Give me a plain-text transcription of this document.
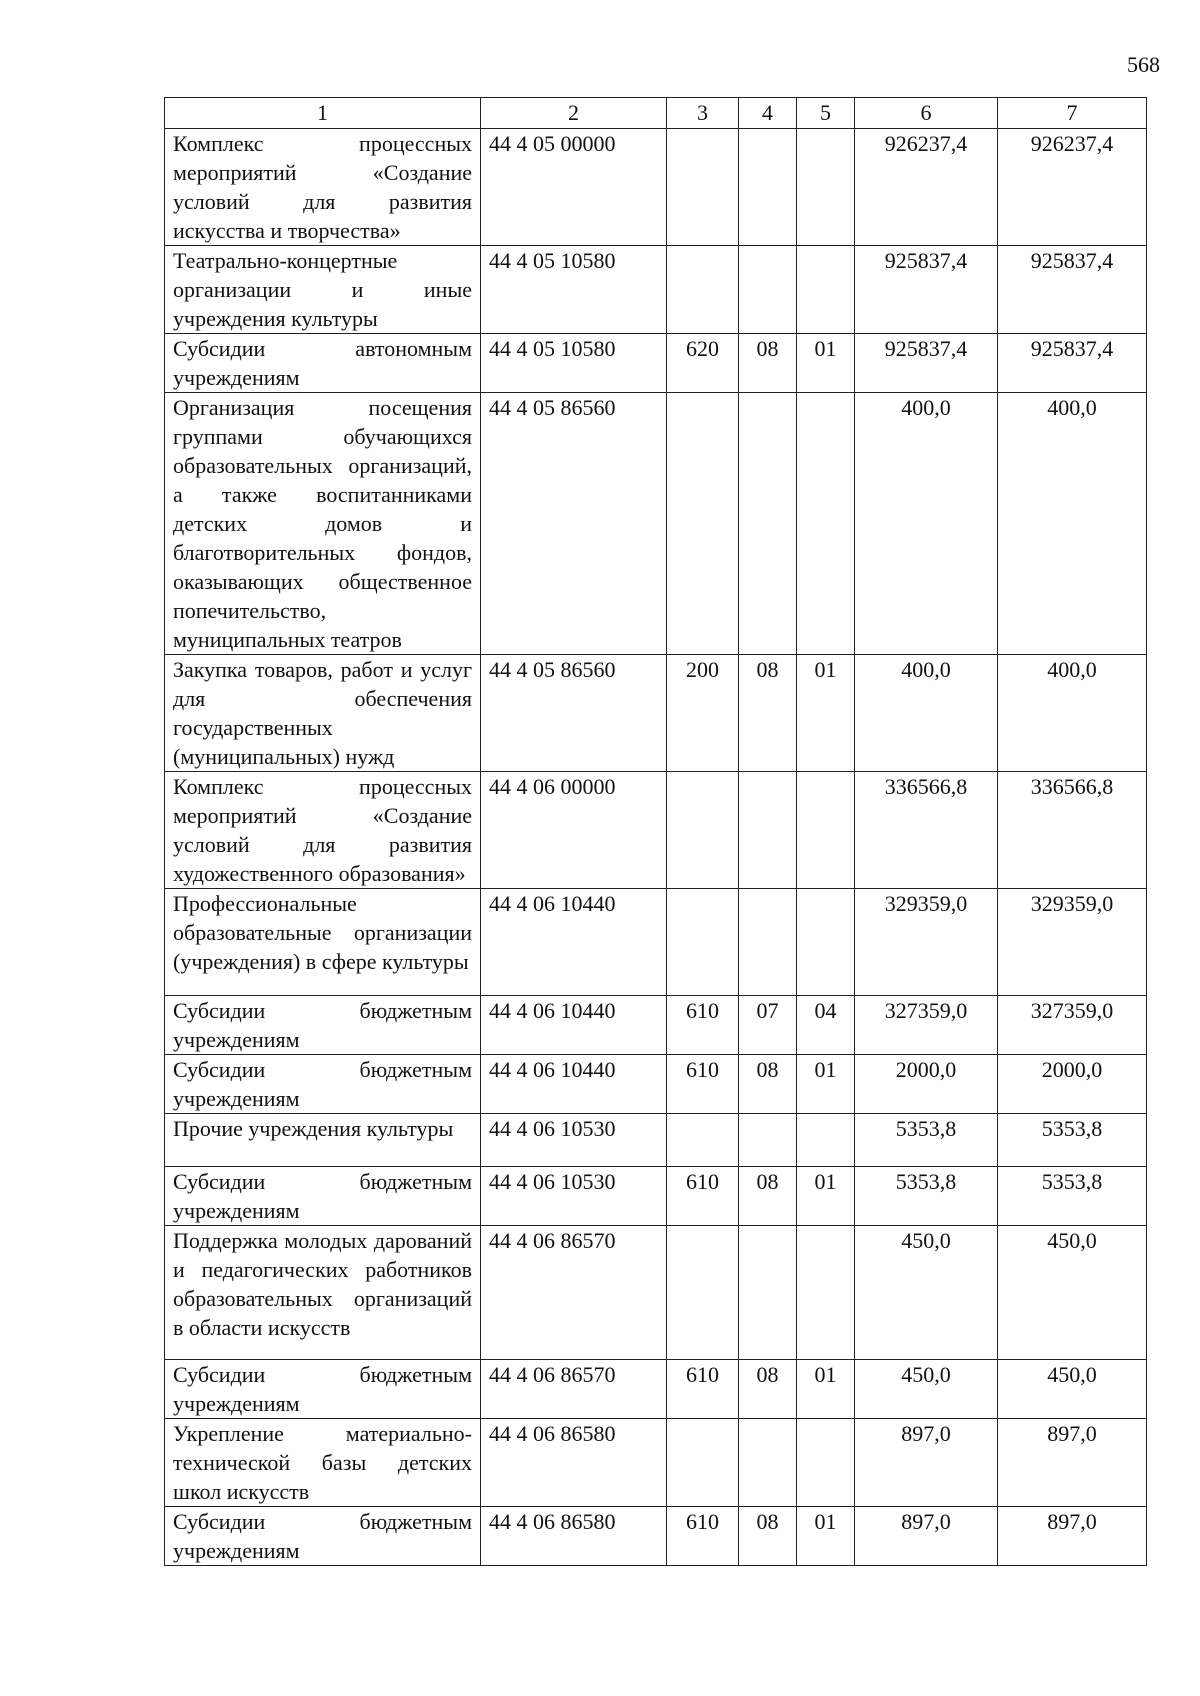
568
1	2	3	4	5	6	7
Комплекс процессных мероприятий «Создание условий для развития искусства и творчества»	44 4 05 00000				926237,4	926237,4
Театрально-концертные организации и иные учреждения культуры	44 4 05 10580				925837,4	925837,4
Субсидии автономным учреждениям	44 4 05 10580	620	08	01	925837,4	925837,4
Организация посещения группами обучающихся образовательных организаций, а также воспитанниками детских домов и благотворительных фондов, оказывающих общественное попечительство, муниципальных театров	44 4 05 86560				400,0	400,0
Закупка товаров, работ и услуг для обеспечения государственных (муниципальных) нужд	44 4 05 86560	200	08	01	400,0	400,0
Комплекс процессных мероприятий «Создание условий для развития художественного образования»	44 4 06 00000				336566,8	336566,8
Профессиональные образовательные организации (учреждения) в сфере культуры	44 4 06 10440				329359,0	329359,0
Субсидии бюджетным учреждениям	44 4 06 10440	610	07	04	327359,0	327359,0
Субсидии бюджетным учреждениям	44 4 06 10440	610	08	01	2000,0	2000,0
Прочие учреждения культуры	44 4 06 10530				5353,8	5353,8
Субсидии бюджетным учреждениям	44 4 06 10530	610	08	01	5353,8	5353,8
Поддержка молодых дарований и педагогических работников образовательных организаций в области искусств	44 4 06 86570				450,0	450,0
Субсидии бюджетным учреждениям	44 4 06 86570	610	08	01	450,0	450,0
Укрепление материально-технической базы детских школ искусств	44 4 06 86580				897,0	897,0
Субсидии бюджетным учреждениям	44 4 06 86580	610	08	01	897,0	897,0
